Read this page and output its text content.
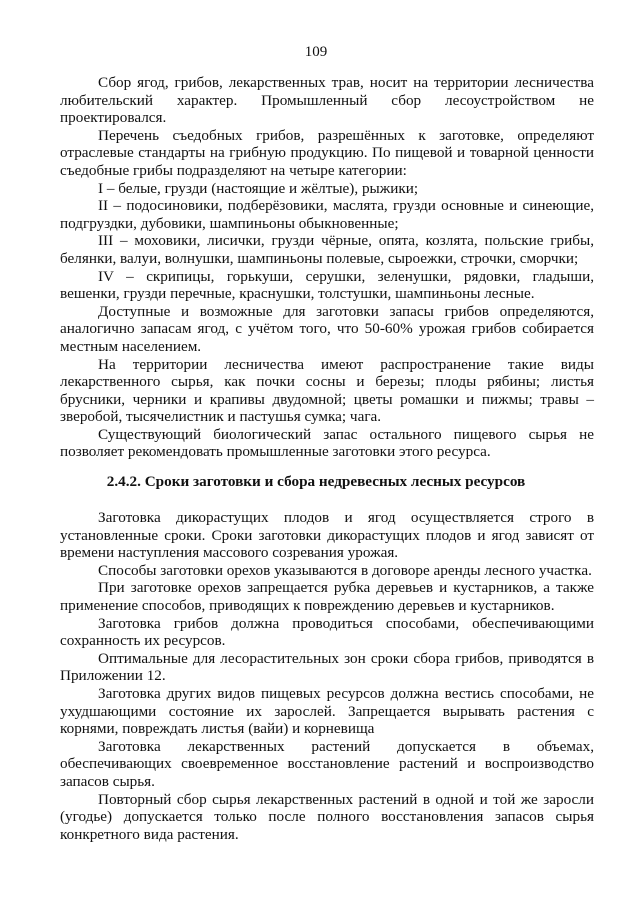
109

Сбор ягод, грибов, лекарственных трав, носит на территории лесничества любительский характер. Промышленный сбор лесоустройством не проектировался.

Перечень съедобных грибов, разрешённых к заготовке, определяют отраслевые стандарты на грибную продукцию. По пищевой и товарной ценности съедобные грибы подразделяют на четыре категории:

I – белые, грузди (настоящие и жёлтые), рыжики;

II – подосиновики, подберёзовики, маслята, грузди основные и синеющие, подгруздки, дубовики, шампиньоны обыкновенные;

III – моховики, лисички, грузди чёрные, опята, козлята, польские грибы, белянки, валуи, волнушки, шампиньоны полевые, сыроежки, строчки, сморчки;

IV – скрипицы, горькуши, серушки, зеленушки, рядовки, гладыши, вешенки, грузди перечные, краснушки, толстушки, шампиньоны лесные.

Доступные и возможные для заготовки запасы грибов определяются, аналогично запасам ягод, с учётом того, что 50-60% урожая грибов собирается местным населением.

На территории лесничества имеют распространение такие виды лекарственного сырья, как почки сосны и березы; плоды рябины; листья брусники, черники и крапивы двудомной; цветы ромашки и пижмы; травы – зверобой, тысячелистник и пастушья сумка; чага.

Существующий биологический запас остального пищевого сырья не позволяет рекомендовать промышленные заготовки этого ресурса.

2.4.2. Сроки заготовки и сбора недревесных лесных ресурсов

Заготовка дикорастущих плодов и ягод осуществляется строго в установленные сроки. Сроки заготовки дикорастущих плодов и ягод зависят от времени наступления массового созревания урожая.

Способы заготовки орехов указываются в договоре аренды лесного участка.

При заготовке орехов запрещается рубка деревьев и кустарников, а также применение способов, приводящих к повреждению деревьев и кустарников.

Заготовка грибов должна проводиться способами, обеспечивающими сохранность их ресурсов.

Оптимальные для лесорастительных зон сроки сбора грибов, приводятся в Приложении 12.

Заготовка других видов пищевых ресурсов должна вестись способами, не ухудшающими состояние их зарослей. Запрещается вырывать растения с корнями, повреждать листья (вайи) и корневища

Заготовка лекарственных растений допускается в объемах, обеспечивающих своевременное восстановление растений и воспроизводство запасов сырья.

Повторный сбор сырья лекарственных растений в одной и той же заросли (угодье) допускается только после полного восстановления запасов сырья конкретного вида растения.
